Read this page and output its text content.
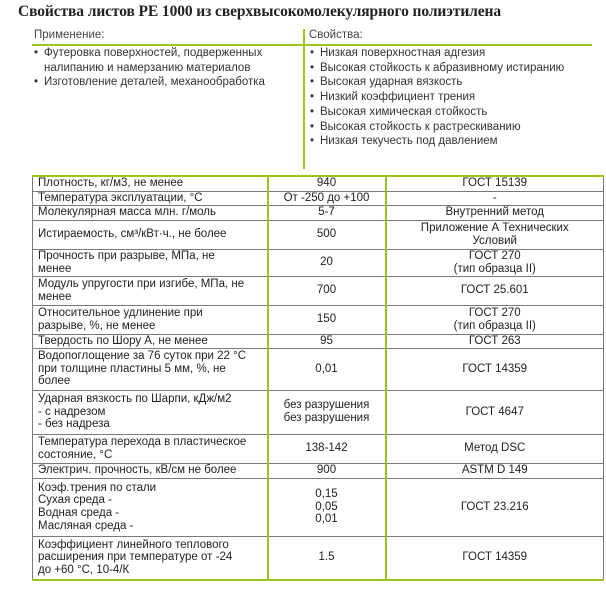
Свойства листов PE 1000 из сверхвысокомолекулярного полиэтилена
Применение:	Свойства:
• Футеровка поверхностей, подверженных налипанию и намерзанию материалов
• Изготовление деталей, механообработка
• Низкая поверхностная адгезия
• Высокая стойкость к абразивному истиранию
• Высокая ударная вязкость
• Низкий коэффициент трения
• Высокая химическая стойкость
• Высокая стойкость к растрескиванию
• Низкая текучесть под давлением
Плотность, кг/м3, не менее	940	ГОСТ 15139
Температура эксплуатации, °С	От -250 до +100	-
Молекулярная масса млн. г/моль	5-7	Внутренний метод
Истираемость, см³/кВт·ч., не более	500	Приложение А Технических
Условий
Прочность при разрыве, МПа, не
менее	20	ГОСТ 270
(тип образца II)
Модуль упругости при изгибе, МПа, не
менее	700	ГОСТ 25.601
Относительное удлинение при
разрыве, %, не менее	150	ГОСТ 270
(тип образца II)
Твердость по Шору А, не менее	95	ГОСТ 263
Водопоглощение за 76 суток при 22 °С
при толщине пластины 5 мм, %, не
более	0,01	ГОСТ 14359
Ударная вязкость по Шарпи, кДж/м2
- с надрезом
- без надреза	без разрушения
без разрушения	ГОСТ 4647
Температура перехода в пластическое
состояние, °С	138-142	Метод DSC
Электрич. прочность, кВ/см не более	900	ASTM D 149
Коэф.трения по стали
Сухая среда -
Водная среда -
Масляная среда -	0,15
0,05
0,01	ГОСТ 23.216
Коэффициент линейного теплового
расширения при температуре от -24
до +60 °С, 10-4/К	1.5	ГОСТ 14359
